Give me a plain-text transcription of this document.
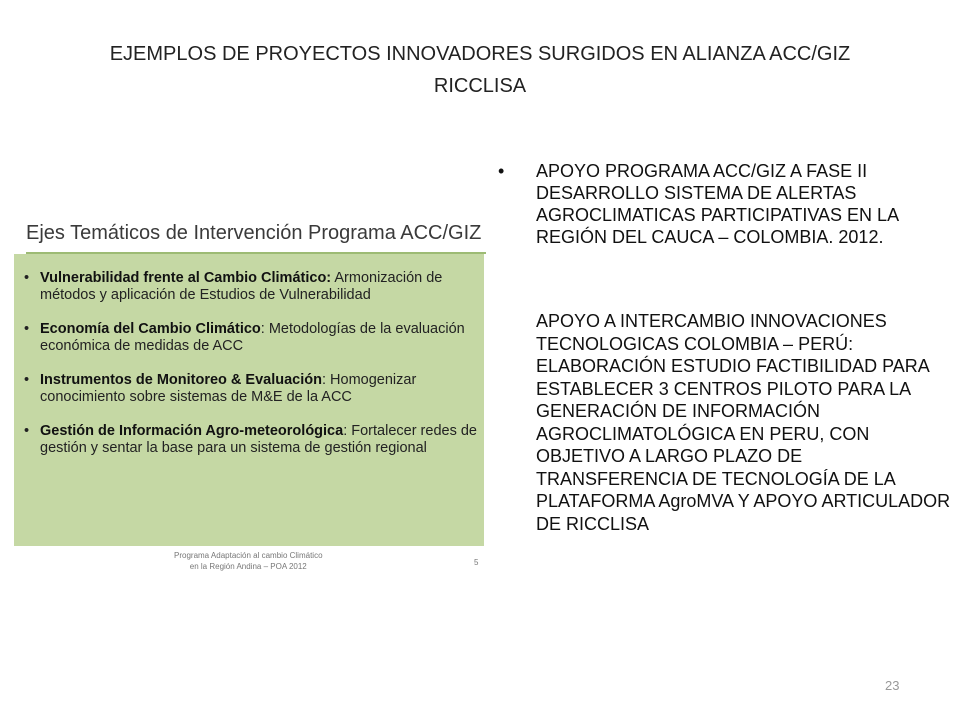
EJEMPLOS DE PROYECTOS INNOVADORES SURGIDOS EN ALIANZA ACC/GIZ
RICCLISA
Ejes Temáticos de Intervención Programa ACC/GIZ
• Vulnerabilidad frente al Cambio Climático: Armonización de métodos y aplicación de Estudios de Vulnerabilidad
• Economía del Cambio Climático: Metodologías de la evaluación económica de medidas de ACC
• Instrumentos de Monitoreo & Evaluación: Homogenizar conocimiento sobre sistemas de M&E de la ACC
• Gestión de Información Agro-meteorológica: Fortalecer redes de gestión y sentar la base para un sistema de gestión regional
Programa Adaptación al cambio Climático
en la Región Andina – POA 2012	5
• APOYO PROGRAMA ACC/GIZ A FASE II DESARROLLO SISTEMA DE ALERTAS AGROCLIMATICAS PARTICIPATIVAS EN LA REGIÓN DEL CAUCA – COLOMBIA. 2012.
APOYO A INTERCAMBIO INNOVACIONES TECNOLOGICAS COLOMBIA – PERÚ: ELABORACIÓN ESTUDIO FACTIBILIDAD PARA ESTABLECER 3 CENTROS PILOTO PARA LA GENERACIÓN DE INFORMACIÓN AGROCLIMATOLÓGICA EN PERU, CON OBJETIVO A LARGO PLAZO DE TRANSFERENCIA DE TECNOLOGÍA DE LA PLATAFORMA AgroMVA Y APOYO ARTICULADOR DE RICCLISA
23
